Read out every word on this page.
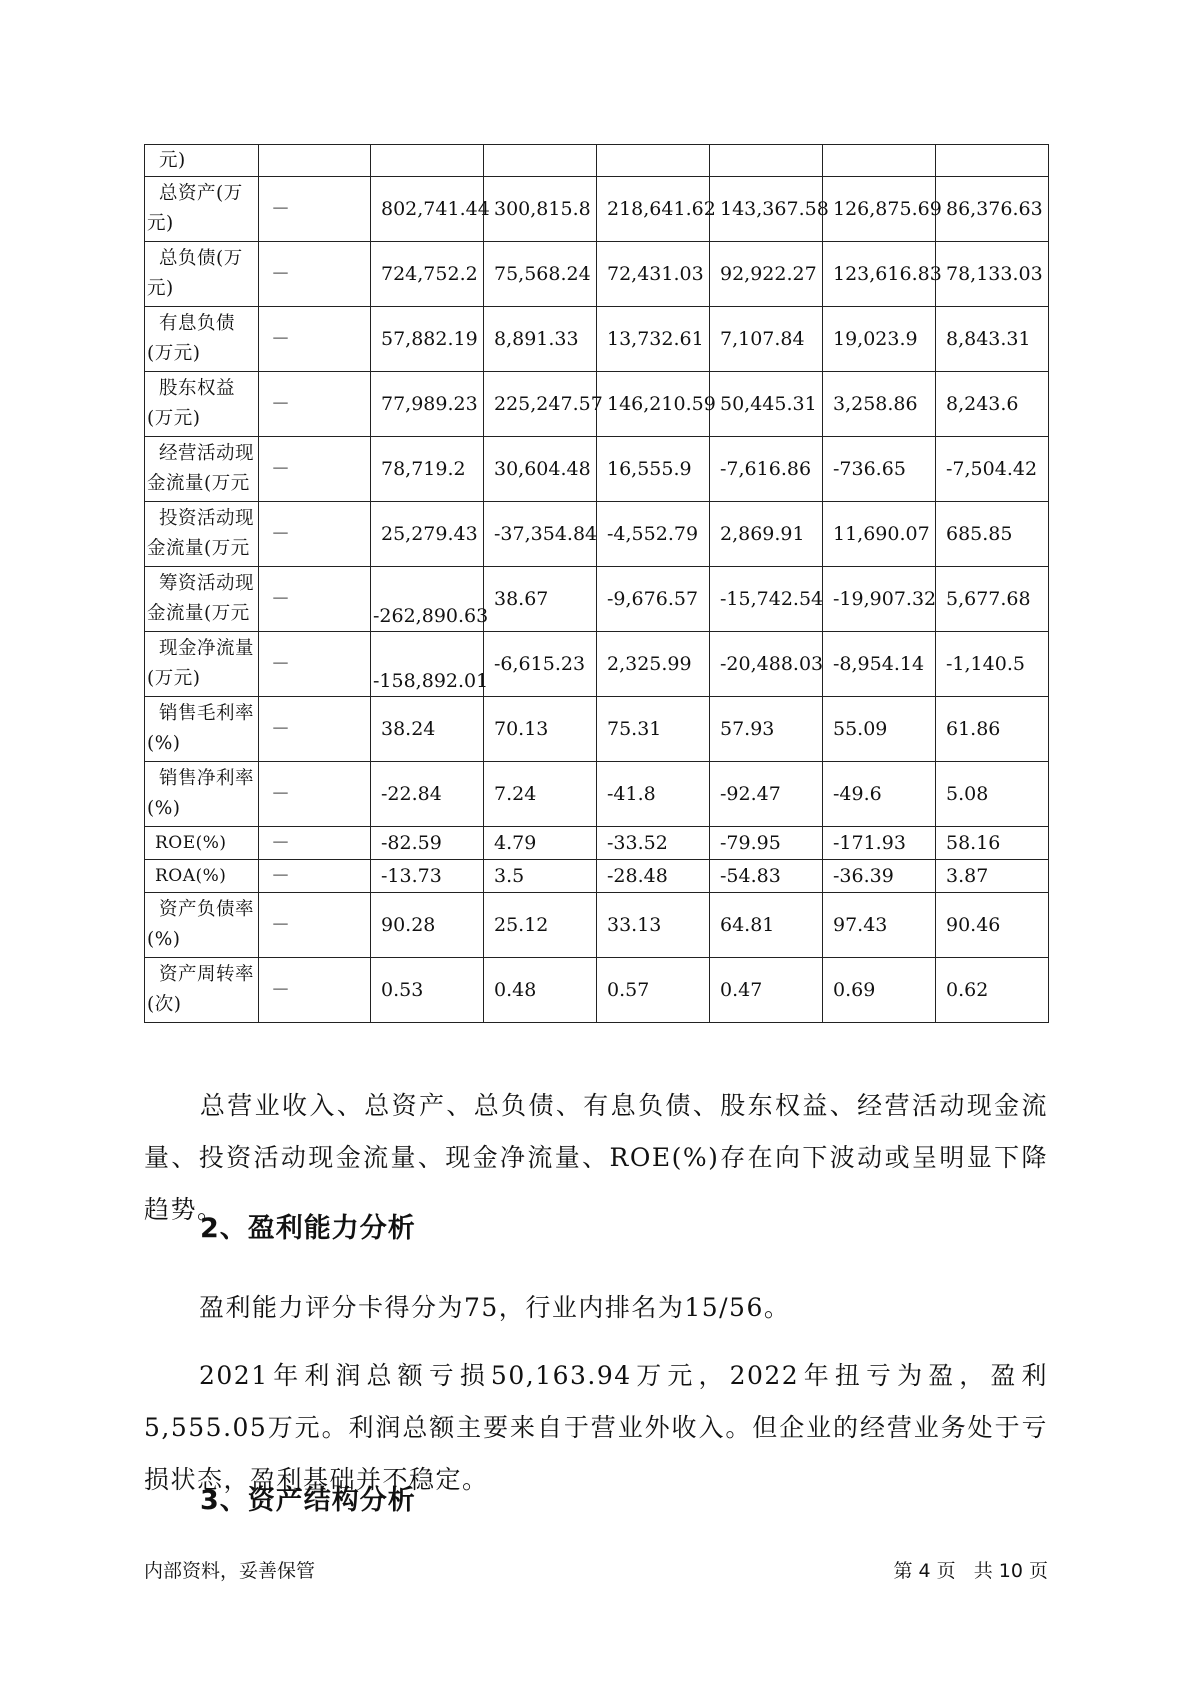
元)							
总资产(万元)	－	802,741.44	300,815.8	218,641.62	143,367.58	126,875.69	86,376.63
总负债(万元)	－	724,752.2	75,568.24	72,431.03	92,922.27	123,616.83	78,133.03
有息负债(万元)	－	57,882.19	8,891.33	13,732.61	7,107.84	19,023.9	8,843.31
股东权益(万元)	－	77,989.23	225,247.57	146,210.59	50,445.31	3,258.86	8,243.6
经营活动现金流量(万元	－	78,719.2	30,604.48	16,555.9	-7,616.86	-736.65	-7,504.42
投资活动现金流量(万元	－	25,279.43	-37,354.84	-4,552.79	2,869.91	11,690.07	685.85
筹资活动现金流量(万元	－	-262,890.63	38.67	-9,676.57	-15,742.54	-19,907.32	5,677.68
现金净流量(万元)	－	-158,892.01	-6,615.23	2,325.99	-20,488.03	-8,954.14	-1,140.5
销售毛利率(%)	－	38.24	70.13	75.31	57.93	55.09	61.86
销售净利率(%)	－	-22.84	7.24	-41.8	-92.47	-49.6	5.08
ROE(%)	－	-82.59	4.79	-33.52	-79.95	-171.93	58.16
ROA(%)	－	-13.73	3.5	-28.48	-54.83	-36.39	3.87
资产负债率(%)	－	90.28	25.12	33.13	64.81	97.43	90.46
资产周转率(次)	－	0.53	0.48	0.57	0.47	0.69	0.62
总营业收入、总资产、总负债、有息负债、股东权益、经营活动现金流量、投资活动现金流量、现金净流量、ROE(%)存在向下波动或呈明显下降趋势。
2、盈利能力分析
盈利能力评分卡得分为75，行业内排名为15/56。
2021年利润总额亏损50,163.94万元，2022年扭亏为盈，盈利5,555.05万元。利润总额主要来自于营业外收入。但企业的经营业务处于亏损状态，盈利基础并不稳定。
3、资产结构分析
内部资料，妥善保管	第 4 页   共 10 页
